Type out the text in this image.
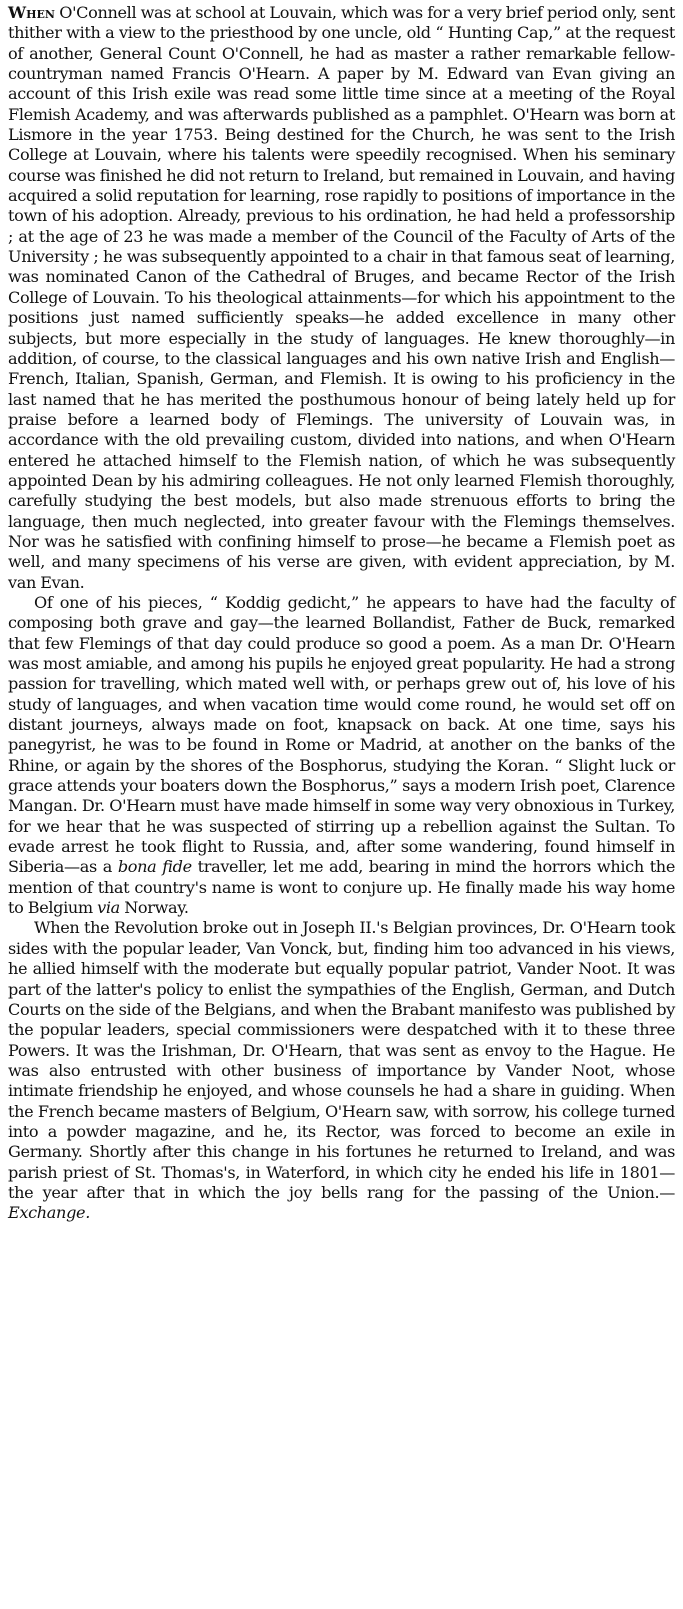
When O'Connell was at school at Louvain, which was for a very brief period only, sent thither with a view to the priesthood by one uncle, old “ Hunting Cap,” at the request of another, General Count O'Connell, he had as master a rather remarkable fellow-countryman named Francis O'Hearn. A paper by M. Edward van Evan giving an account of this Irish exile was read some little time since at a meeting of the Royal Flemish Academy, and was afterwards published as a pamphlet. O'Hearn was born at Lismore in the year 1753. Being destined for the Church, he was sent to the Irish College at Louvain, where his talents were speedily recognised. When his seminary course was finished he did not return to Ireland, but remained in Louvain, and having acquired a solid reputation for learning, rose rapidly to positions of importance in the town of his adoption. Already, previous to his ordination, he had held a professorship ; at the age of 23 he was made a member of the Council of the Faculty of Arts of the University ; he was subsequently appointed to a chair in that famous seat of learning, was nominated Canon of the Cathedral of Bruges, and became Rector of the Irish College of Louvain. To his theological attainments—for which his appointment to the positions just named sufficiently speaks—he added excellence in many other subjects, but more especially in the study of languages. He knew thoroughly—in addition, of course, to the classical languages and his own native Irish and English—French, Italian, Spanish, German, and Flemish. It is owing to his proficiency in the last named that he has merited the posthumous honour of being lately held up for praise before a learned body of Flemings. The university of Louvain was, in accordance with the old prevailing custom, divided into nations, and when O'Hearn entered he attached himself to the Flemish nation, of which he was subsequently appointed Dean by his admiring colleagues. He not only learned Flemish thoroughly, carefully studying the best models, but also made strenuous efforts to bring the language, then much neglected, into greater favour with the Flemings themselves. Nor was he satisfied with confining himself to prose—he became a Flemish poet as well, and many specimens of his verse are given, with evident appreciation, by M. van Evan.

Of one of his pieces, “ Koddig gedicht,” he appears to have had the faculty of composing both grave and gay—the learned Bollandist, Father de Buck, remarked that few Flemings of that day could produce so good a poem. As a man Dr. O'Hearn was most amiable, and among his pupils he enjoyed great popularity. He had a strong passion for travelling, which mated well with, or perhaps grew out of, his love of his study of languages, and when vacation time would come round, he would set off on distant journeys, always made on foot, knapsack on back. At one time, says his panegyrist, he was to be found in Rome or Madrid, at another on the banks of the Rhine, or again by the shores of the Bosphorus, studying the Koran. “ Slight luck or grace attends your boaters down the Bosphorus,” says a modern Irish poet, Clarence Mangan. Dr. O'Hearn must have made himself in some way very obnoxious in Turkey, for we hear that he was suspected of stirring up a rebellion against the Sultan. To evade arrest he took flight to Russia, and, after some wandering, found himself in Siberia—as a bona fide traveller, let me add, bearing in mind the horrors which the mention of that country's name is wont to conjure up. He finally made his way home to Belgium via Norway.

When the Revolution broke out in Joseph II.'s Belgian provinces, Dr. O'Hearn took sides with the popular leader, Van Vonck, but, finding him too advanced in his views, he allied himself with the moderate but equally popular patriot, Vander Noot. It was part of the latter's policy to enlist the sympathies of the English, German, and Dutch Courts on the side of the Belgians, and when the Brabant manifesto was published by the popular leaders, special commissioners were despatched with it to these three Powers. It was the Irishman, Dr. O'Hearn, that was sent as envoy to the Hague. He was also entrusted with other business of importance by Vander Noot, whose intimate friendship he enjoyed, and whose counsels he had a share in guiding. When the French became masters of Belgium, O'Hearn saw, with sorrow, his college turned into a powder magazine, and he, its Rector, was forced to become an exile in Germany. Shortly after this change in his fortunes he returned to Ireland, and was parish priest of St. Thomas's, in Waterford, in which city he ended his life in 1801—the year after that in which the joy bells rang for the passing of the Union.—Exchange.
